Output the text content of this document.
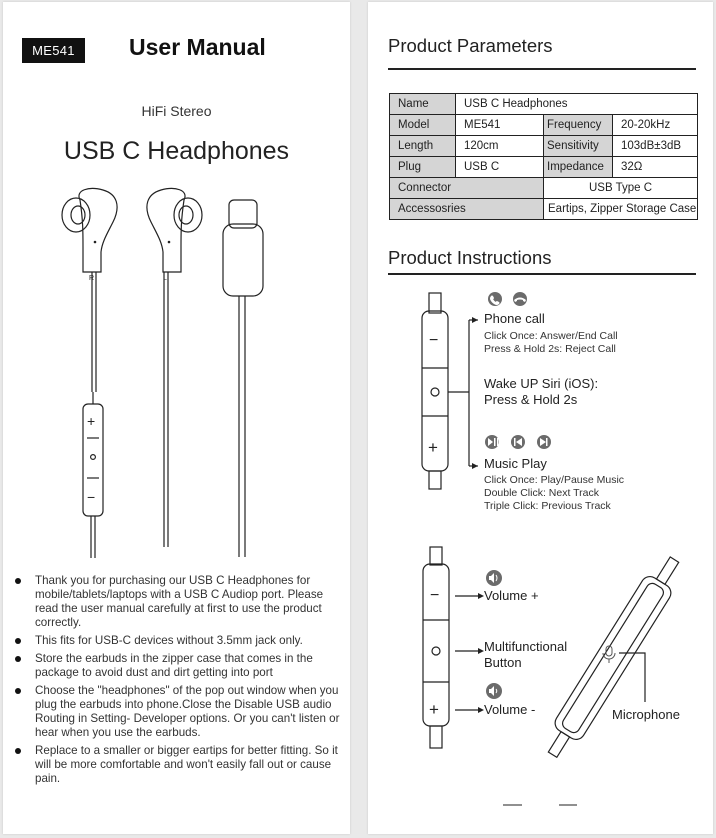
ME541	User Manual
HiFi Stereo
USB C Headphones
R	L
+
−
Thank you for purchasing our USB C Headphones for mobile/tablets/laptops with a USB C Audiop port. Please read the user manual carefully at first to use the product correctly.
This fits for USB-C devices without 3.5mm jack only.
Store the earbuds in the zipper case that comes in the package to avoid dust and dirt getting into port
Choose the "headphones" of the pop out window when you plug the earbuds into phone.Close the Disable USB audio Routing in Setting- Developer options. Or you can't listen or hear when you use the earbuds.
Replace to a smaller or bigger eartips for better fitting. So it will be more comfortable and won't easily fall out or cause pain.
Product Parameters
Name	USB C Headphones		
Model	ME541	Frequency	20-20kHz
Length	120cm	Sensitivity	103dB±3dB
Plug	USB C	Impedance	32Ω
Connector		USB Type C	
Accessosries		Eartips, Zipper Storage Case	
Product Instructions
−
+
−
+
Phone call
Click Once: Answer/End Call
Press & Hold 2s: Reject Call
Wake UP Siri (iOS):
Press & Hold 2s
Music Play
Click Once: Play/Pause Music
Double Click: Next Track
Triple Click: Previous Track
Volume +
Multifunctional
Button
Volume -	Microphone
